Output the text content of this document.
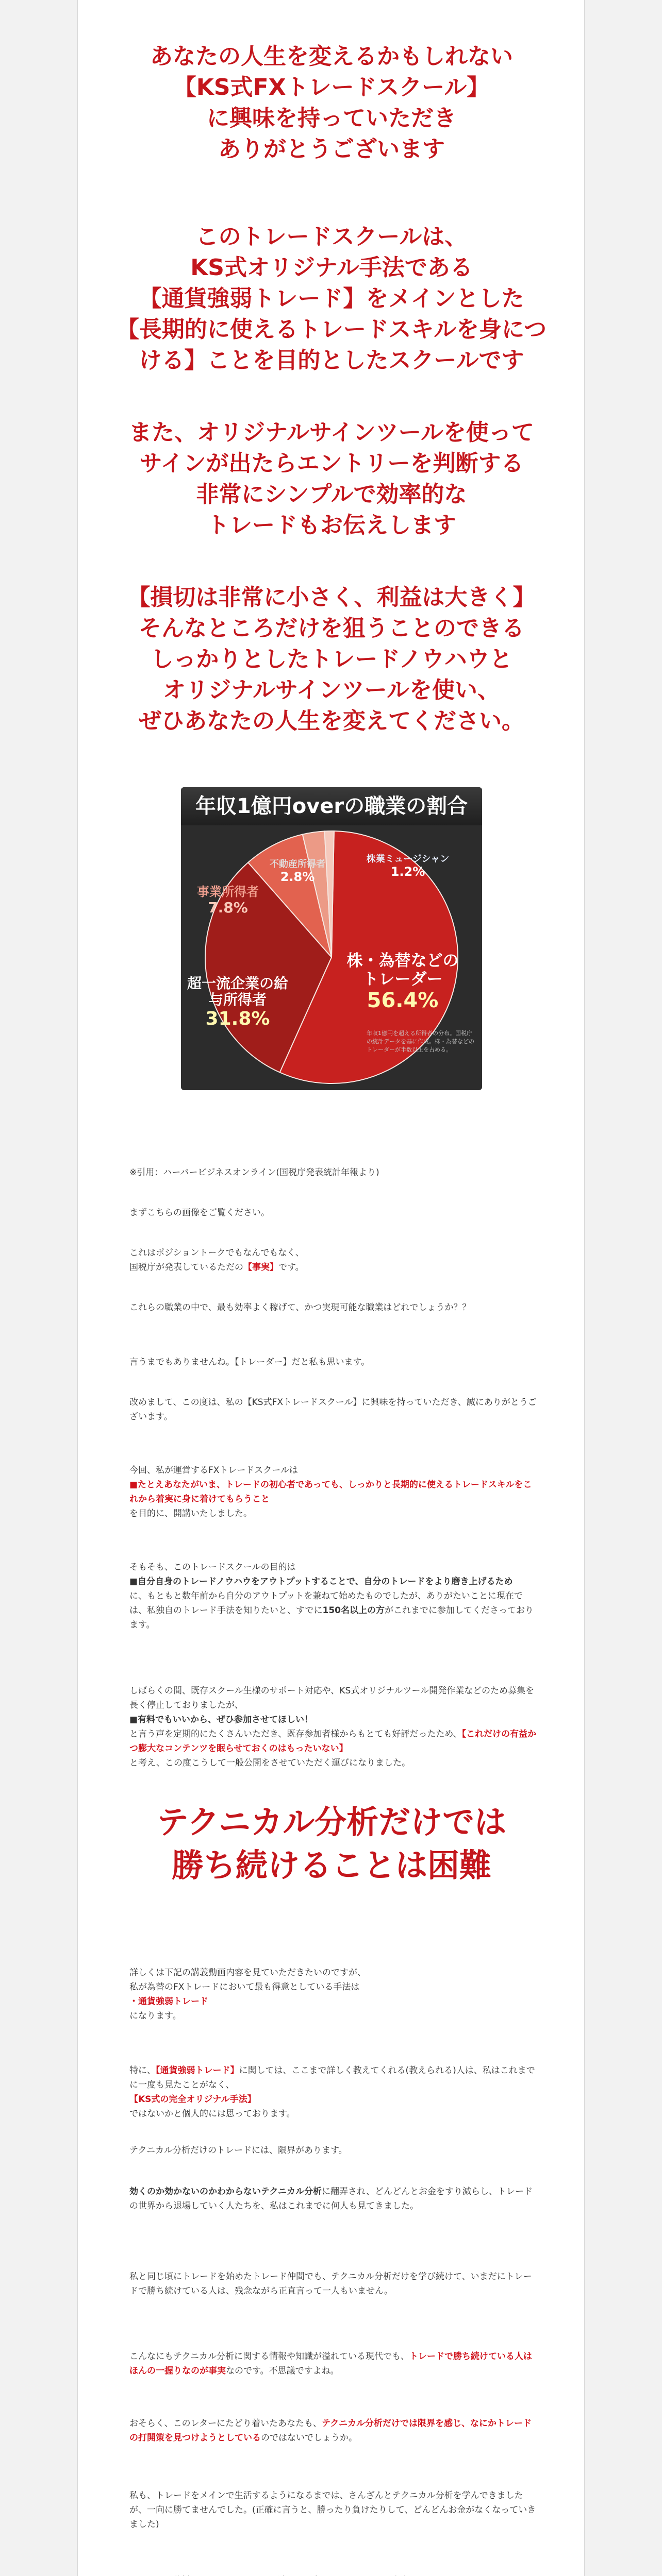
あなたの人生を変えるかもしれない
【KS式FXトレードスクール】
に興味を持っていただき
ありがとうございます

このトレードスクールは、
KS式オリジナル手法である
【通貨強弱トレード】をメインとした
【長期的に使えるトレードスキルを身につ
ける】ことを目的としたスクールです

また、オリジナルサインツールを使って
サインが出たらエントリーを判断する
非常にシンプルで効率的な
トレードもお伝えします

【損切は非常に小さく、利益は大きく】
そんなところだけを狙うことのできる
しっかりとしたトレードノウハウと
オリジナルサインツールを使い、
ぜひあなたの人生を変えてください。

年収1億円overの職業の割合
株・為替などのトレーダー
56.4%
超一流企業の給与所得者
31.8%
事業所得者
7.8%
不動産所得者
2.8%
株業ミュージシャン
1.2%
年収1億円を超える所得者の分布。国税庁の統計データを基に作成。株・為替などのトレーダーが半数以上を占める。

※引用：ハーバービジネスオンライン(国税庁発表統計年報より)

まずこちらの画像をご覧ください。

これはポジショントークでもなんでもなく、
国税庁が発表しているただの【事実】です。

これらの職業の中で、最も効率よく稼げて、かつ実現可能な職業はどれでしょうか？？

言うまでもありませんね。【トレーダー】だと私も思います。

改めまして、この度は、私の【KS式FXトレードスクール】に興味を持っていただき、誠にありがとうございます。

今回、私が運営するFXトレードスクールは
■たとえあなたがいま、トレードの初心者であっても、しっかりと長期的に使えるトレードスキルをこれから着実に身に着けてもらうこと
を目的に、開講いたしました。

そもそも、このトレードスクールの目的は
■自分自身のトレードノウハウをアウトプットすることで、自分のトレードをより磨き上げるため
に、もともと数年前から自分のアウトプットを兼ねて始めたものでしたが、ありがたいことに現在では、私独自のトレード手法を知りたいと、すでに150名以上の方がこれまでに参加してくださっております。

しばらくの間、既存スクール生様のサポート対応や、KS式オリジナルツール開発作業などのため募集を長く停止しておりましたが、
■有料でもいいから、ぜひ参加させてほしい！
と言う声を定期的にたくさんいただき、既存参加者様からもとても好評だったため、【これだけの有益かつ膨大なコンテンツを眠らせておくのはもったいない】
と考え、この度こうして一般公開をさせていただく運びになりました。

テクニカル分析だけでは
勝ち続けることは困難

詳しくは下記の講義動画内容を見ていただきたいのですが、
私が為替のFXトレードにおいて最も得意としている手法は
・通貨強弱トレード
になります。

特に、【通貨強弱トレード】に関しては、ここまで詳しく教えてくれる(教えられる)人は、私はこれまでに一度も見たことがなく、
【KS式の完全オリジナル手法】
ではないかと個人的には思っております。

テクニカル分析だけのトレードには、限界があります。

効くのか効かないのかわからないテクニカル分析に翻弄され、どんどんとお金をすり減らし、トレードの世界から退場していく人たちを、私はこれまでに何人も見てきました。

私と同じ頃にトレードを始めたトレード仲間でも、テクニカル分析だけを学び続けて、いまだにトレードで勝ち続けている人は、残念ながら正直言って一人もいません。

こんなにもテクニカル分析に関する情報や知識が溢れている現代でも、トレードで勝ち続けている人はほんの一握りなのが事実なのです。不思議ですよね。

おそらく、このレターにたどり着いたあなたも、テクニカル分析だけでは限界を感じ、なにかトレードの打開策を見つけようとしているのではないでしょうか。

私も、トレードをメインで生活するようになるまでは、さんざんとテクニカル分析を学んできましたが、一向に勝てませんでした。(正確に言うと、勝ったり負けたりして、どんどんお金がなくなっていきました)
